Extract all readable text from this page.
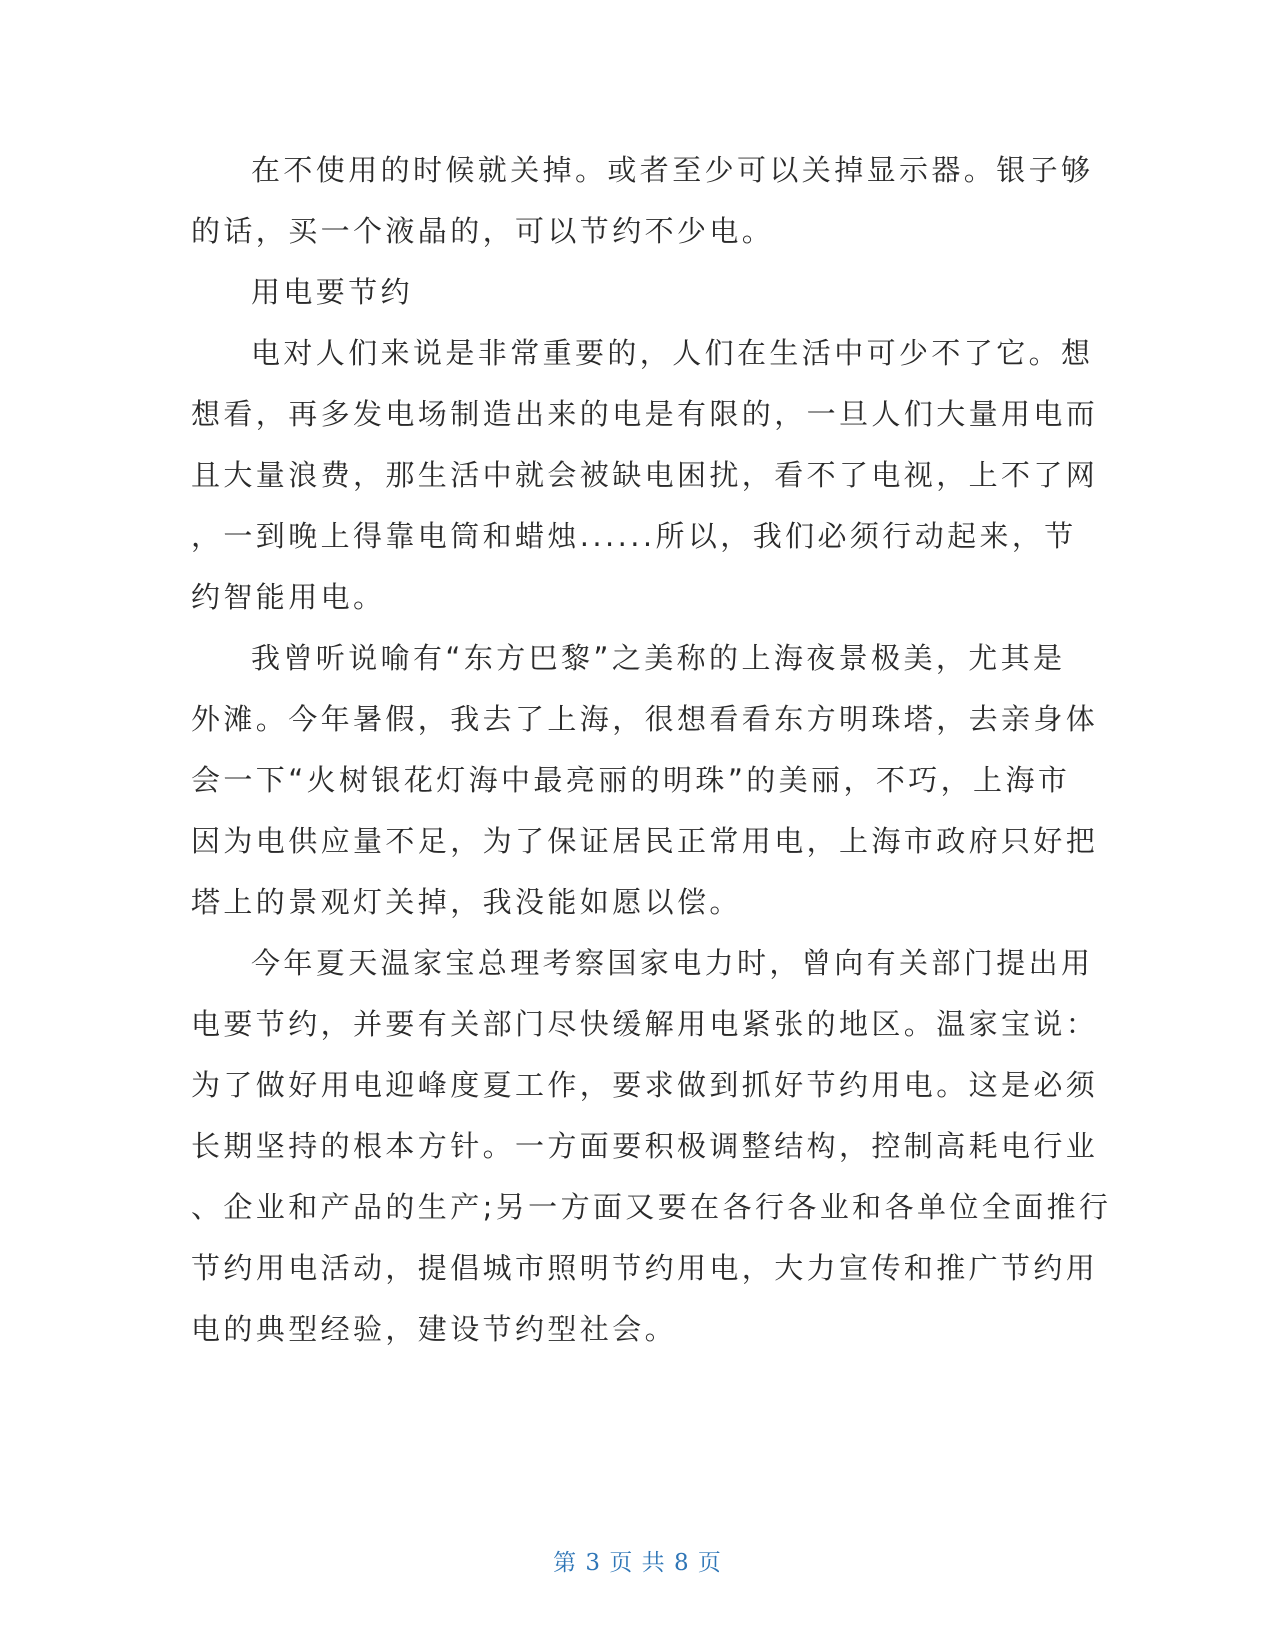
在不使用的时候就关掉。或者至少可以关掉显示器。银子够
的话，买一个液晶的，可以节约不少电。
用电要节约
电对人们来说是非常重要的，人们在生活中可少不了它。想
想看，再多发电场制造出来的电是有限的，一旦人们大量用电而
且大量浪费，那生活中就会被缺电困扰，看不了电视，上不了网
，一到晚上得靠电筒和蜡烛......所以，我们必须行动起来，节
约智能用电。
我曾听说喻有“东方巴黎”之美称的上海夜景极美，尤其是
外滩。今年暑假，我去了上海，很想看看东方明珠塔，去亲身体
会一下“火树银花灯海中最亮丽的明珠”的美丽，不巧，上海市
因为电供应量不足，为了保证居民正常用电，上海市政府只好把
塔上的景观灯关掉，我没能如愿以偿。
今年夏天温家宝总理考察国家电力时，曾向有关部门提出用
电要节约，并要有关部门尽快缓解用电紧张的地区。温家宝说：
为了做好用电迎峰度夏工作，要求做到抓好节约用电。这是必须
长期坚持的根本方针。一方面要积极调整结构，控制高耗电行业
、企业和产品的生产;另一方面又要在各行各业和各单位全面推行
节约用电活动，提倡城市照明节约用电，大力宣传和推广节约用
电的典型经验，建设节约型社会。
第 3 页 共 8 页
